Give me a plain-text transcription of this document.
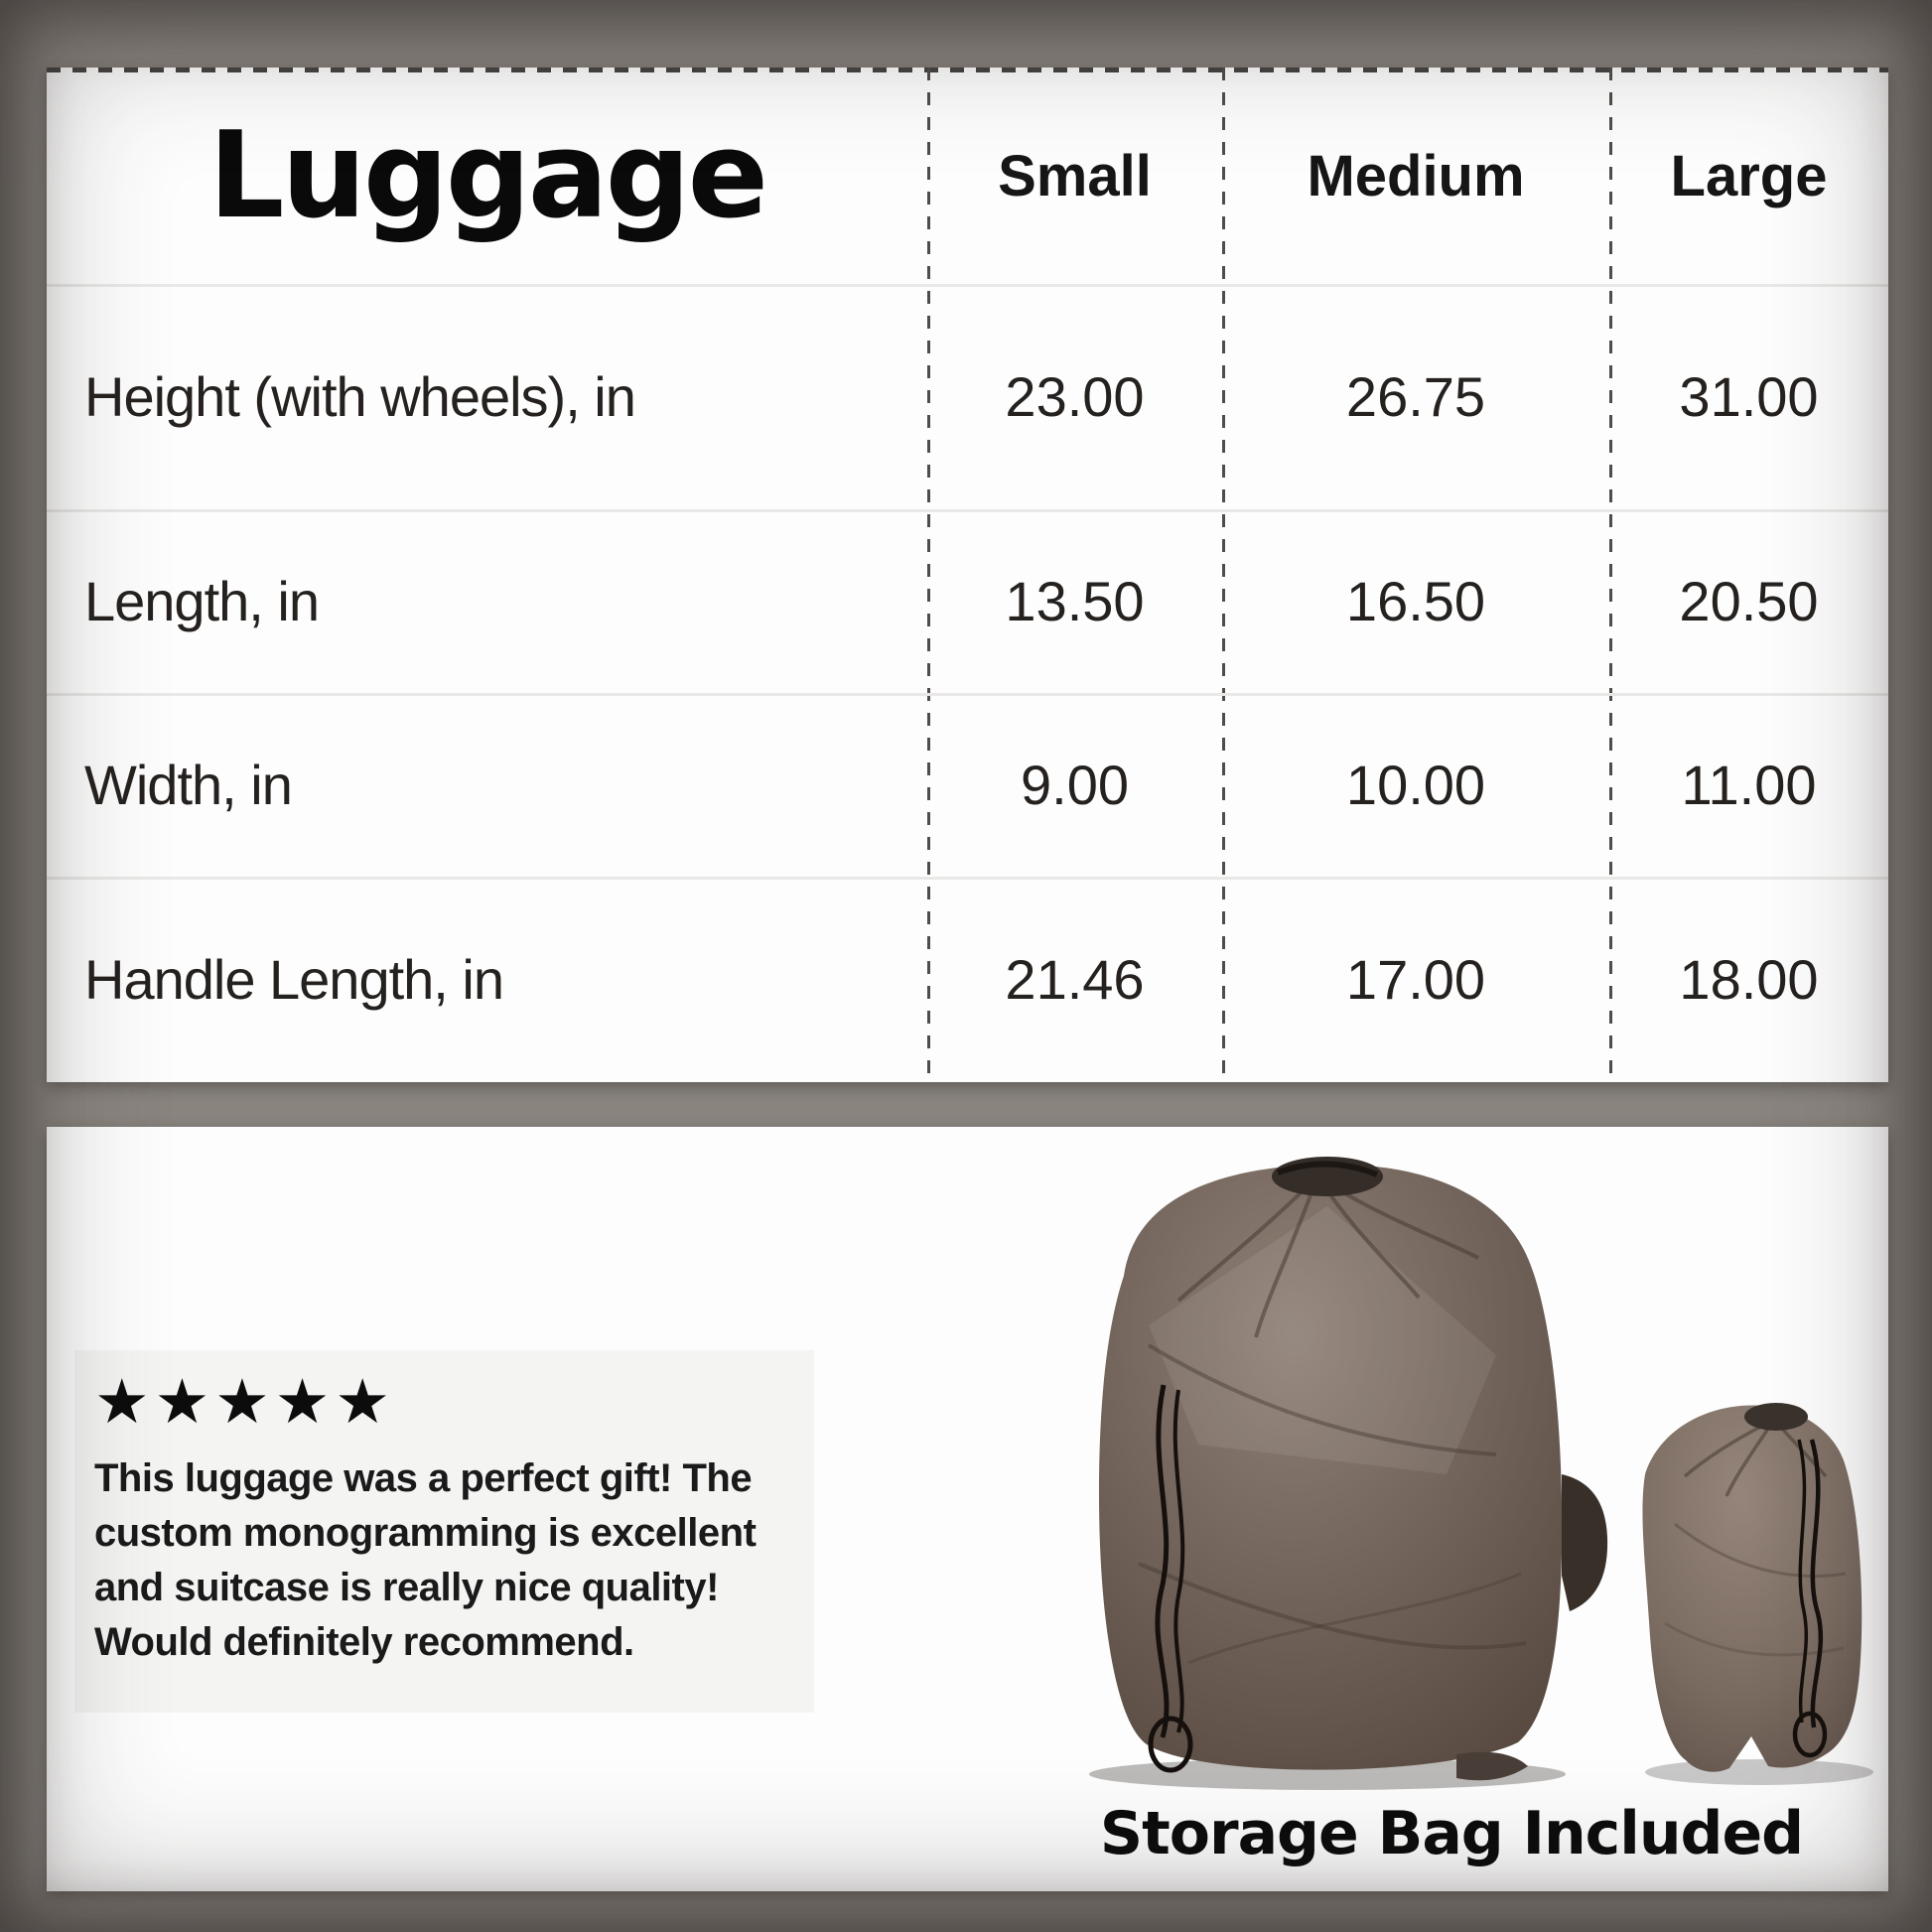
Luggage	Small	Medium	Large
Height (with wheels), in	23.00	26.75	31.00
Length, in	13.50	16.50	20.50
Width, in	9.00	10.00	11.00
Handle Length, in	21.46	17.00	18.00
★★★★★
This luggage was a perfect gift! The
custom monogramming is excellent
and suitcase is really nice quality!
Would definitely recommend.
Storage Bag Included
